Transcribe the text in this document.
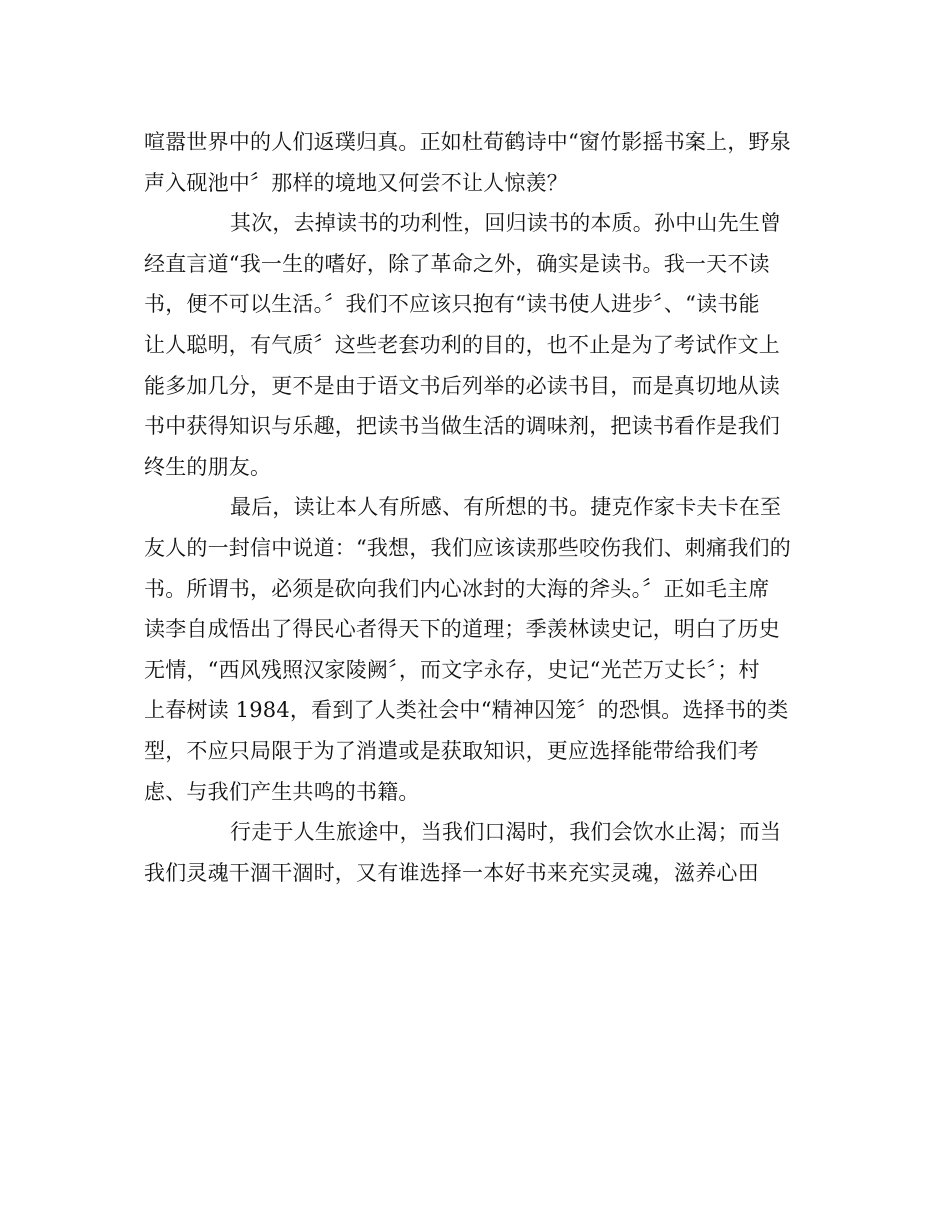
喧嚣世界中的人们返璞归真。正如杜荀鹤诗中“窗竹影摇书案上，野泉
声入砚池中〞那样的境地又何尝不让人惊羡？
其次，去掉读书的功利性，回归读书的本质。孙中山先生曾
经直言道“我一生的嗜好，除了革命之外，确实是读书。我一天不读
书，便不可以生活。〞我们不应该只抱有“读书使人进步〞、“读书能
让人聪明，有气质〞这些老套功利的目的，也不止是为了考试作文上
能多加几分，更不是由于语文书后列举的必读书目，而是真切地从读
书中获得知识与乐趣，把读书当做生活的调味剂，把读书看作是我们
终生的朋友。
最后，读让本人有所感、有所想的书。捷克作家卡夫卡在至
友人的一封信中说道：“我想，我们应该读那些咬伤我们、刺痛我们的
书。所谓书，必须是砍向我们内心冰封的大海的斧头。〞正如毛主席
读李自成悟出了得民心者得天下的道理；季羡林读史记，明白了历史
无情，“西风残照汉家陵阙〞，而文字永存，史记“光芒万丈长〞；村
上春树读 1984，看到了人类社会中“精神囚笼〞的恐惧。选择书的类
型，不应只局限于为了消遣或是获取知识，更应选择能带给我们考
虑、与我们产生共鸣的书籍。
行走于人生旅途中，当我们口渴时，我们会饮水止渴；而当
我们灵魂干涸干涸时，又有谁选择一本好书来充实灵魂，滋养心田
